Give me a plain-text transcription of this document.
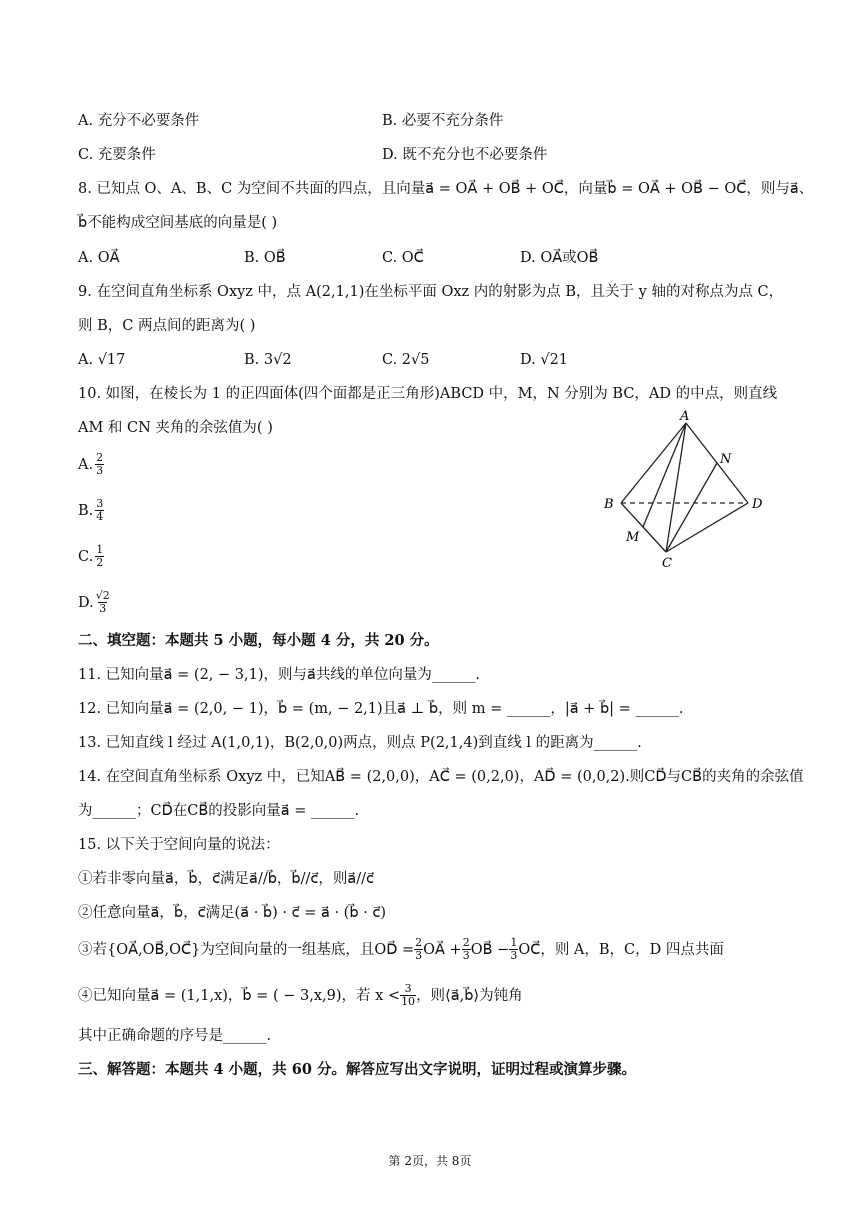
A. 充分不必要条件	B. 必要不充分条件
C. 充要条件	D. 既不充分也不必要条件
8. 已知点 O、A、B、C 为空间不共面的四点，且向量a⃗ = OA⃗ + OB⃗ + OC⃗，向量b⃗ = OA⃗ + OB⃗ − OC⃗，则与a⃗、
b⃗不能构成空间基底的向量是( )
A. OA⃗	B. OB⃗	C. OC⃗	D. OA⃗或OB⃗
9. 在空间直角坐标系 Oxyz 中，点 A(2,1,1)在坐标平面 Oxz 内的射影为点 B，且关于 y 轴的对称点为点 C，
则 B，C 两点间的距离为( )
A. √17	B. 3√2	C. 2√5	D. √21
10. 如图，在棱长为 1 的正四面体(四个面都是正三角形)ABCD 中，M，N 分别为 BC，AD 的中点，则直线
AM 和 CN 夹角的余弦值为( )
A. $\frac{2}{3}$
B. $\frac{3}{4}$
C. $\frac{1}{2}$
D. $\frac{√2}{3}$
A
B
C
D
M
N
二、填空题：本题共 5 小题，每小题 4 分，共 20 分。
11. 已知向量a⃗ = (2, − 3,1)，则与a⃗共线的单位向量为______.
12. 已知向量a⃗ = (2,0, − 1)，b⃗ = (m, − 2,1)且a⃗ ⊥ b⃗，则 m = ______，|a⃗ + b⃗| = ______.
13. 已知直线 l 经过 A(1,0,1)，B(2,0,0)两点，则点 P(2,1,4)到直线 l 的距离为______.
14. 在空间直角坐标系 Oxyz 中，已知AB⃗ = (2,0,0)，AC⃗ = (0,2,0)，AD⃗ = (0,0,2).则CD⃗与CB⃗的夹角的余弦值
为______；CD⃗在CB⃗的投影向量a⃗ = ______.
15. 以下关于空间向量的说法：
①若非零向量a⃗，b⃗，c⃗满足a⃗//b⃗，b⃗//c⃗，则a⃗//c⃗
②任意向量a⃗，b⃗，c⃗满足(a⃗ · b⃗) · c⃗ = a⃗ · (b⃗ · c⃗)
③若{OA⃗,OB⃗,OC⃗}为空间向量的一组基底，且OD⃗ = $\frac{2}{3}$ OA⃗ + $\frac{2}{3}$ OB⃗ − $\frac{1}{3}$ OC⃗，则 A，B，C，D 四点共面
④已知向量a⃗ = (1,1,x)，b⃗ = ( − 3,x,9)，若 $x < \frac{3}{10}$ ，则⟨a⃗,b⃗⟩为钝角
其中正确命题的序号是______.
三、解答题：本题共 4 小题，共 60 分。解答应写出文字说明，证明过程或演算步骤。
第 2页，共 8页
